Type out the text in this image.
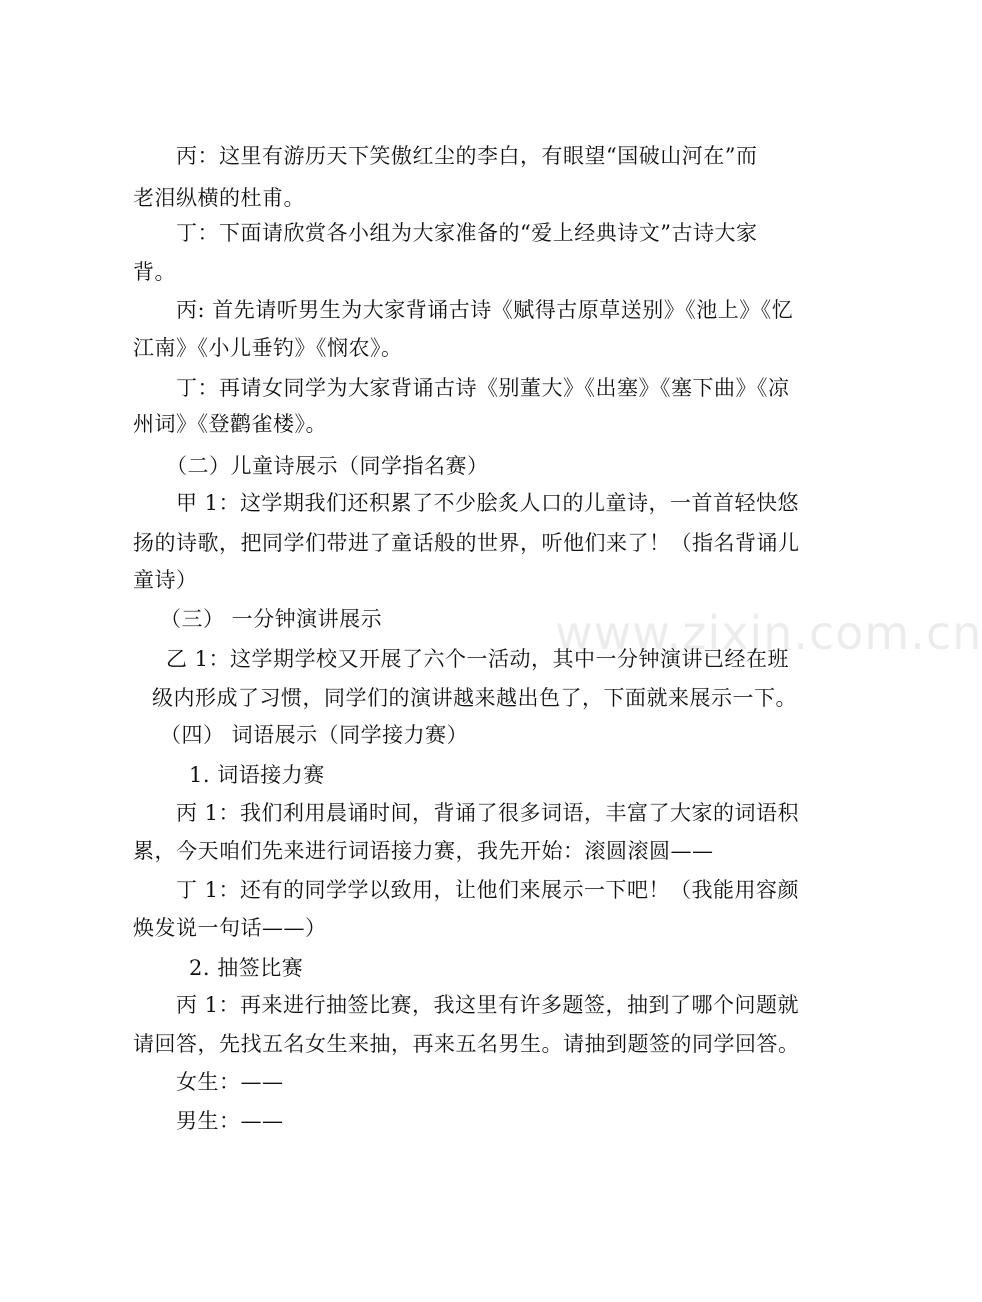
丙：这里有游历天下笑傲红尘的李白，有眼望“国破山河在”而
老泪纵横的杜甫。
丁：下面请欣赏各小组为大家准备的“爱上经典诗文”古诗大家
背。
丙: 首先请听男生为大家背诵古诗《赋得古原草送别》《池上》《忆
江南》《小儿垂钓》《悯农》。
丁：再请女同学为大家背诵古诗《别董大》《出塞》《塞下曲》《凉
州词》《登鹳雀楼》。
（二）儿童诗展示（同学指名赛）
甲 1：这学期我们还积累了不少脍炙人口的儿童诗，一首首轻快悠
扬的诗歌，把同学们带进了童话般的世界，听他们来了！（指名背诵儿
童诗）
（三） 一分钟演讲展示
乙 1：这学期学校又开展了六个一活动，其中一分钟演讲已经在班
级内形成了习惯，同学们的演讲越来越出色了，下面就来展示一下。
（四） 词语展示（同学接力赛）
1. 词语接力赛
丙 1：我们利用晨诵时间，背诵了很多词语，丰富了大家的词语积
累，今天咱们先来进行词语接力赛，我先开始：滚圆滚圆——
丁 1：还有的同学学以致用，让他们来展示一下吧！（我能用容颜
焕发说一句话——）
2. 抽签比赛
丙 1：再来进行抽签比赛，我这里有许多题签，抽到了哪个问题就
请回答，先找五名女生来抽，再来五名男生。请抽到题签的同学回答。
女生：——
男生：——
www.zixin.com.cn
